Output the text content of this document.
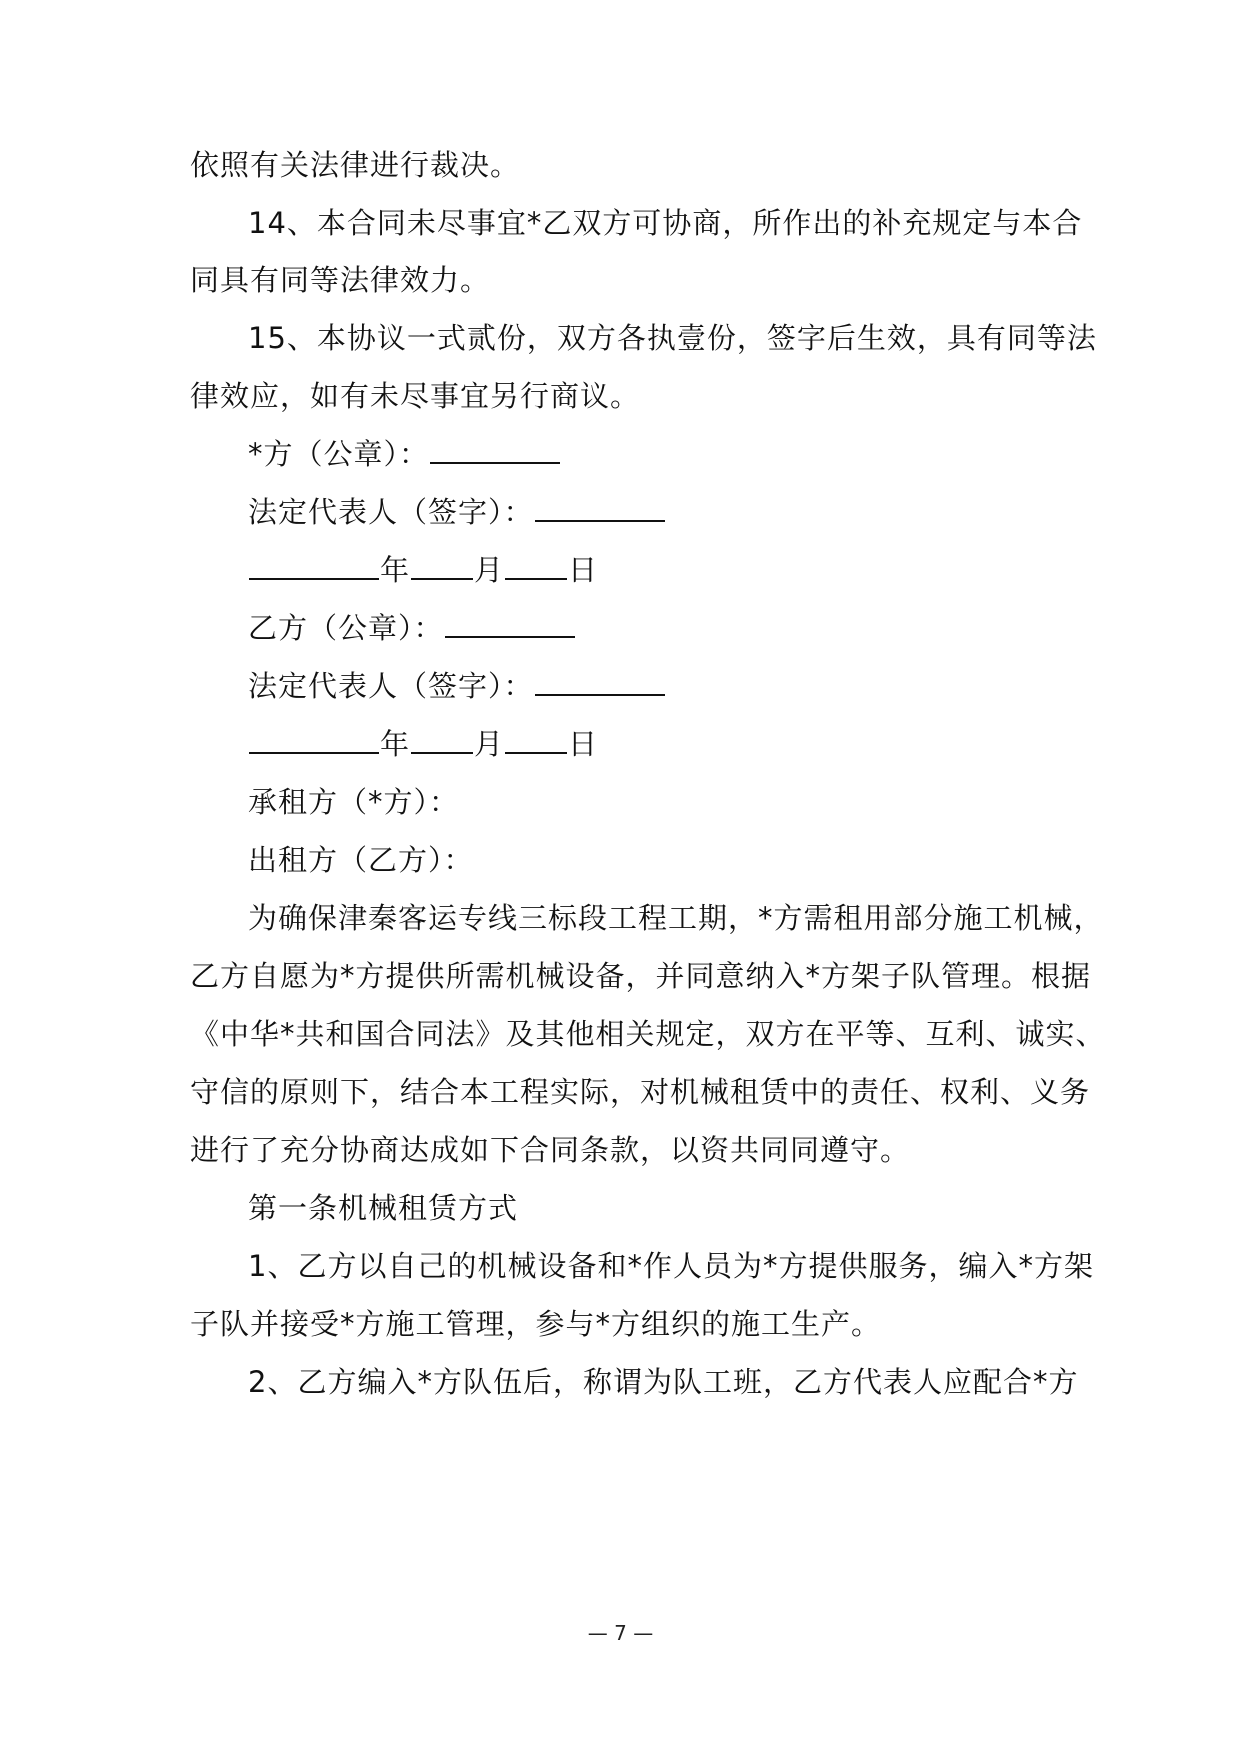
依照有关法律进行裁决。
14、本合同未尽事宜*乙双方可协商，所作出的补充规定与本合
同具有同等法律效力。
15、本协议一式贰份，双方各执壹份，签字后生效，具有同等法
律效应，如有未尽事宜另行商议。
*方（公章）：
法定代表人（签字）：
年 月 日
乙方（公章）：
法定代表人（签字）：
年 月 日
承租方（*方）：
出租方（乙方）：
为确保津秦客运专线三标段工程工期，*方需租用部分施工机械，
乙方自愿为*方提供所需机械设备，并同意纳入*方架子队管理。根据
《中华*共和国合同法》及其他相关规定，双方在平等、互利、诚实、
守信的原则下，结合本工程实际，对机械租赁中的责任、权利、义务
进行了充分协商达成如下合同条款，以资共同同遵守。
第一条机械租赁方式
1、乙方以自己的机械设备和*作人员为*方提供服务，编入*方架
子队并接受*方施工管理，参与*方组织的施工生产。
2、乙方编入*方队伍后，称谓为队工班，乙方代表人应配合*方
— 7 —
